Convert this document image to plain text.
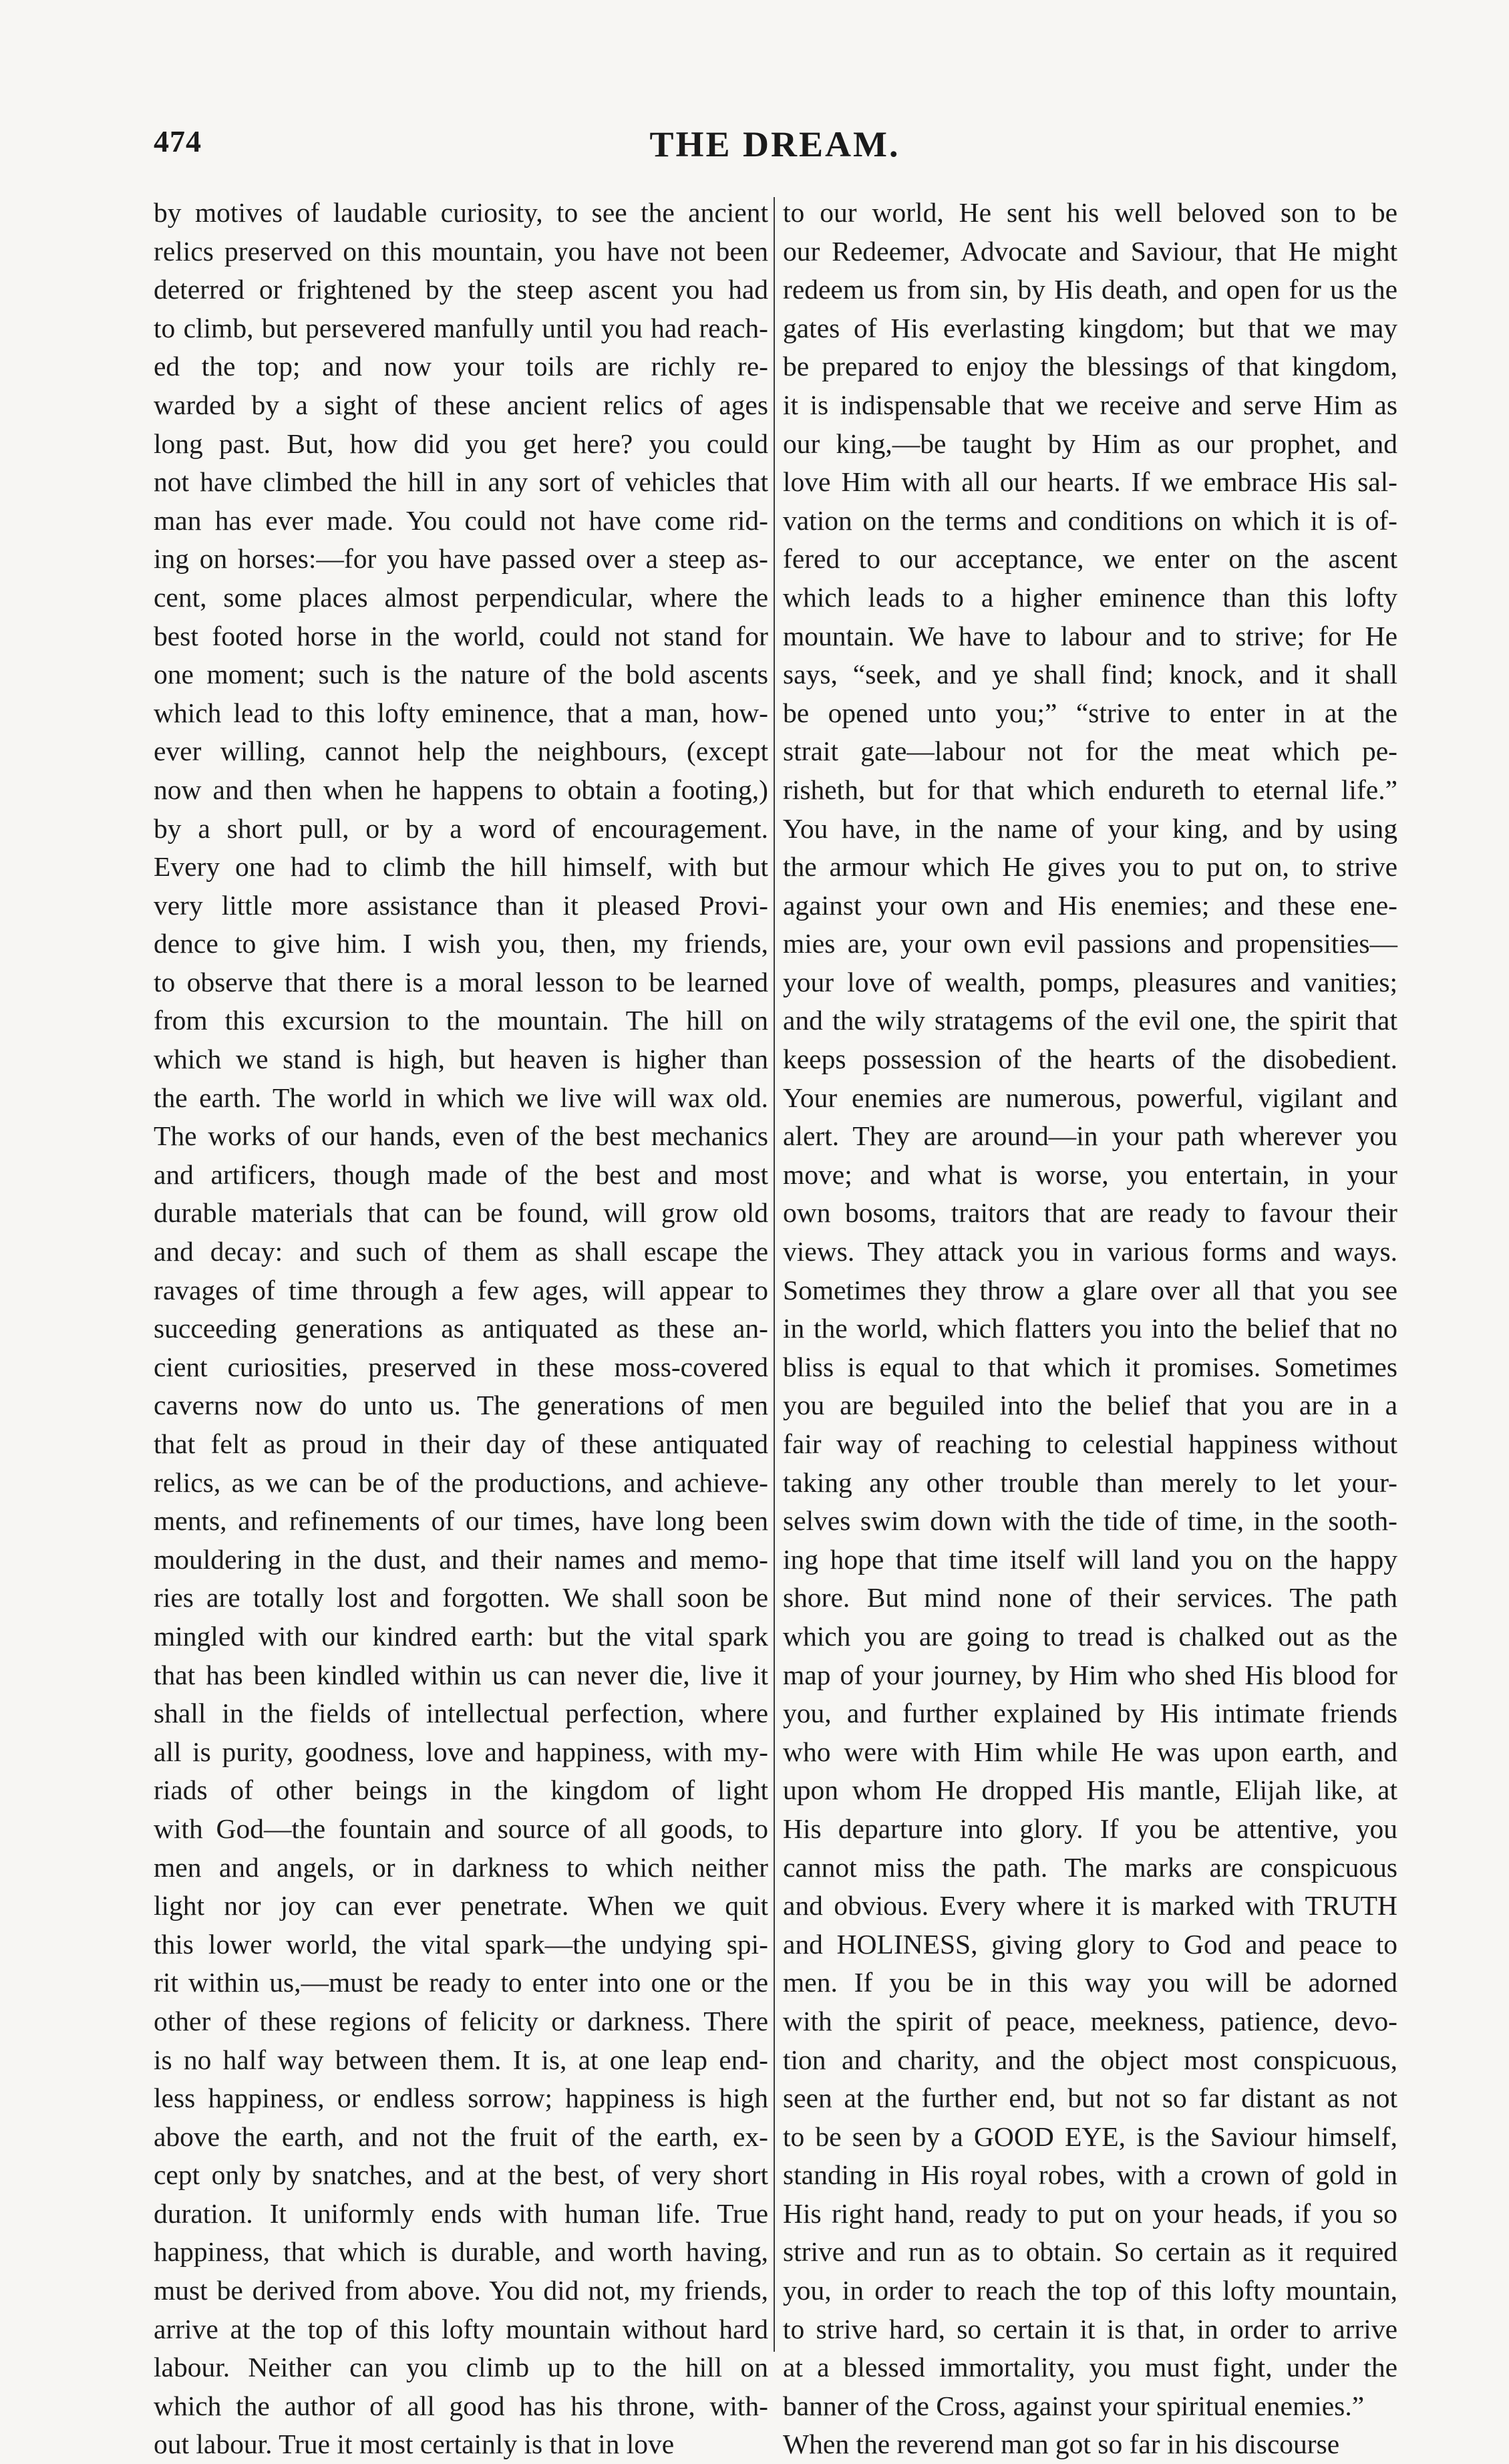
474	THE DREAM.
by motives of laudable curiosity, to see the ancient
relics preserved on this mountain, you have not been
deterred or frightened by the steep ascent you had
to climb, but persevered manfully until you had reach-
ed the top; and now your toils are richly re-
warded by a sight of these ancient relics of ages
long past. But, how did you get here? you could
not have climbed the hill in any sort of vehicles that
man has ever made. You could not have come rid-
ing on horses:—for you have passed over a steep as-
cent, some places almost perpendicular, where the
best footed horse in the world, could not stand for
one moment; such is the nature of the bold ascents
which lead to this lofty eminence, that a man, how-
ever willing, cannot help the neighbours, (except
now and then when he happens to obtain a footing,)
by a short pull, or by a word of encouragement.
Every one had to climb the hill himself, with but
very little more assistance than it pleased Provi-
dence to give him. I wish you, then, my friends,
to observe that there is a moral lesson to be learned
from this excursion to the mountain. The hill on
which we stand is high, but heaven is higher than
the earth. The world in which we live will wax old.
The works of our hands, even of the best mechanics
and artificers, though made of the best and most
durable materials that can be found, will grow old
and decay: and such of them as shall escape the
ravages of time through a few ages, will appear to
succeeding generations as antiquated as these an-
cient curiosities, preserved in these moss-covered
caverns now do unto us. The generations of men
that felt as proud in their day of these antiquated
relics, as we can be of the productions, and achieve-
ments, and refinements of our times, have long been
mouldering in the dust, and their names and memo-
ries are totally lost and forgotten. We shall soon be
mingled with our kindred earth: but the vital spark
that has been kindled within us can never die, live it
shall in the fields of intellectual perfection, where
all is purity, goodness, love and happiness, with my-
riads of other beings in the kingdom of light
with God—the fountain and source of all goods, to
men and angels, or in darkness to which neither
light nor joy can ever penetrate. When we quit
this lower world, the vital spark—the undying spi-
rit within us,—must be ready to enter into one or the
other of these regions of felicity or darkness. There
is no half way between them. It is, at one leap end-
less happiness, or endless sorrow; happiness is high
above the earth, and not the fruit of the earth, ex-
cept only by snatches, and at the best, of very short
duration. It uniformly ends with human life. True
happiness, that which is durable, and worth having,
must be derived from above. You did not, my friends,
arrive at the top of this lofty mountain without hard
labour. Neither can you climb up to the hill on
which the author of all good has his throne, with-
out labour. True it most certainly is that in love
to our world, He sent his well beloved son to be
our Redeemer, Advocate and Saviour, that He might
redeem us from sin, by His death, and open for us the
gates of His everlasting kingdom; but that we may
be prepared to enjoy the blessings of that kingdom,
it is indispensable that we receive and serve Him as
our king,—be taught by Him as our prophet, and
love Him with all our hearts. If we embrace His sal-
vation on the terms and conditions on which it is of-
fered to our acceptance, we enter on the ascent
which leads to a higher eminence than this lofty
mountain. We have to labour and to strive; for He
says, “seek, and ye shall find; knock, and it shall
be opened unto you;” “strive to enter in at the
strait gate—labour not for the meat which pe-
risheth, but for that which endureth to eternal life.”
You have, in the name of your king, and by using
the armour which He gives you to put on, to strive
against your own and His enemies; and these ene-
mies are, your own evil passions and propensities—
your love of wealth, pomps, pleasures and vanities;
and the wily stratagems of the evil one, the spirit that
keeps possession of the hearts of the disobedient.
Your enemies are numerous, powerful, vigilant and
alert. They are around—in your path wherever you
move; and what is worse, you entertain, in your
own bosoms, traitors that are ready to favour their
views. They attack you in various forms and ways.
Sometimes they throw a glare over all that you see
in the world, which flatters you into the belief that no
bliss is equal to that which it promises. Sometimes
you are beguiled into the belief that you are in a
fair way of reaching to celestial happiness without
taking any other trouble than merely to let your-
selves swim down with the tide of time, in the sooth-
ing hope that time itself will land you on the happy
shore. But mind none of their services. The path
which you are going to tread is chalked out as the
map of your journey, by Him who shed His blood for
you, and further explained by His intimate friends
who were with Him while He was upon earth, and
upon whom He dropped His mantle, Elijah like, at
His departure into glory. If you be attentive, you
cannot miss the path. The marks are conspicuous
and obvious. Every where it is marked with TRUTH
and HOLINESS, giving glory to God and peace to
men. If you be in this way you will be adorned
with the spirit of peace, meekness, patience, devo-
tion and charity, and the object most conspicuous,
seen at the further end, but not so far distant as not
to be seen by a GOOD EYE, is the Saviour himself,
standing in His royal robes, with a crown of gold in
His right hand, ready to put on your heads, if you so
strive and run as to obtain. So certain as it required
you, in order to reach the top of this lofty mountain,
to strive hard, so certain it is that, in order to arrive
at a blessed immortality, you must fight, under the
banner of the Cross, against your spiritual enemies.”
When the reverend man got so far in his discourse
